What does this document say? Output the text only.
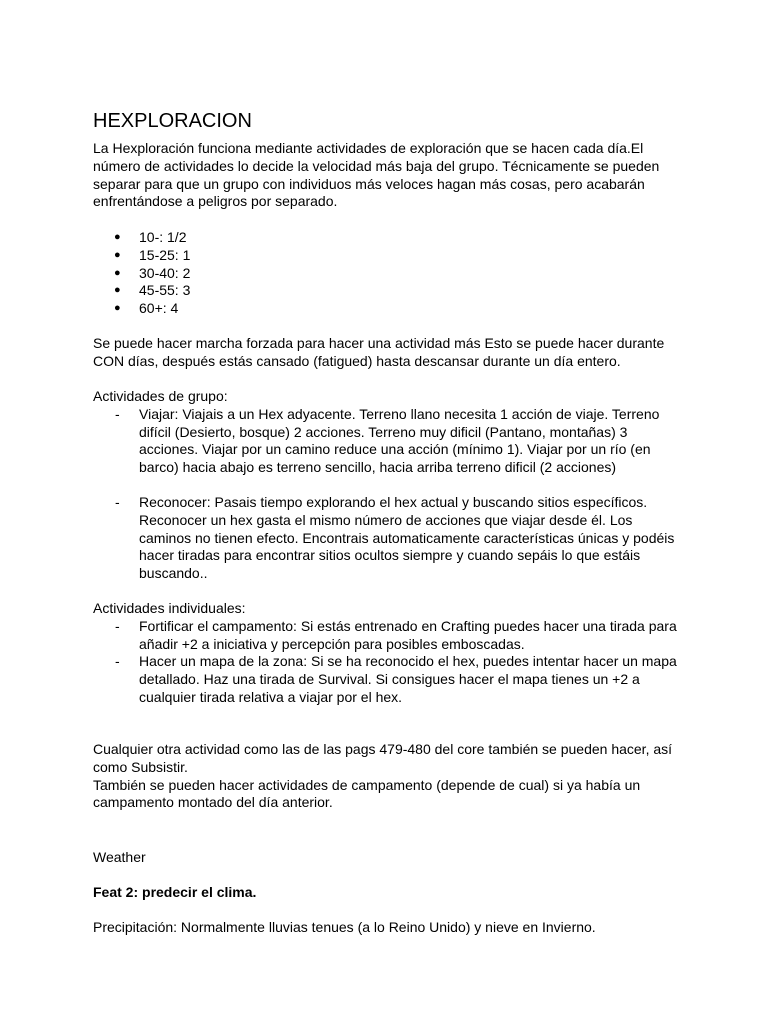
HEXPLORACION

La Hexploración funciona mediante actividades de exploración que se hacen cada día.El número de actividades lo decide la velocidad más baja del grupo. Técnicamente se pueden separar para que un grupo con individuos más veloces hagan más cosas, pero acabarán enfrentándose a peligros por separado.

● 10-: 1/2
● 15-25: 1
● 30-40: 2
● 45-55: 3
● 60+: 4

Se puede hacer marcha forzada para hacer una actividad más Esto se puede hacer durante CON días, después estás cansado (fatigued) hasta descansar durante un día entero.

Actividades de grupo:

- Viajar: Viajais a un Hex adyacente. Terreno llano necesita 1 acción de viaje. Terreno difícil (Desierto, bosque) 2 acciones. Terreno muy dificil (Pantano, montañas) 3 acciones. Viajar por un camino reduce una acción (mínimo 1). Viajar por un río (en barco) hacia abajo es terreno sencillo, hacia arriba terreno dificil (2 acciones)
- Reconocer: Pasais tiempo explorando el hex actual y buscando sitios específicos. Reconocer un hex gasta el mismo número de acciones que viajar desde él. Los caminos no tienen efecto. Encontrais automaticamente características únicas y podéis hacer tiradas para encontrar sitios ocultos siempre y cuando sepáis lo que estáis buscando..

Actividades individuales:

- Fortificar el campamento: Si estás entrenado en Crafting puedes hacer una tirada para añadir +2 a iniciativa y percepción para posibles emboscadas.
- Hacer un mapa de la zona: Si se ha reconocido el hex, puedes intentar hacer un mapa detallado. Haz una tirada de Survival. Si consigues hacer el mapa tienes un +2 a cualquier tirada relativa a viajar por el hex.

Cualquier otra actividad como las de las pags 479-480 del core también se pueden hacer, así como Subsistir.

También se pueden hacer actividades de campamento (depende de cual) si ya había un campamento montado del día anterior.

Weather

Feat 2: predecir el clima.

Precipitación: Normalmente lluvias tenues (a lo Reino Unido) y nieve en Invierno.
